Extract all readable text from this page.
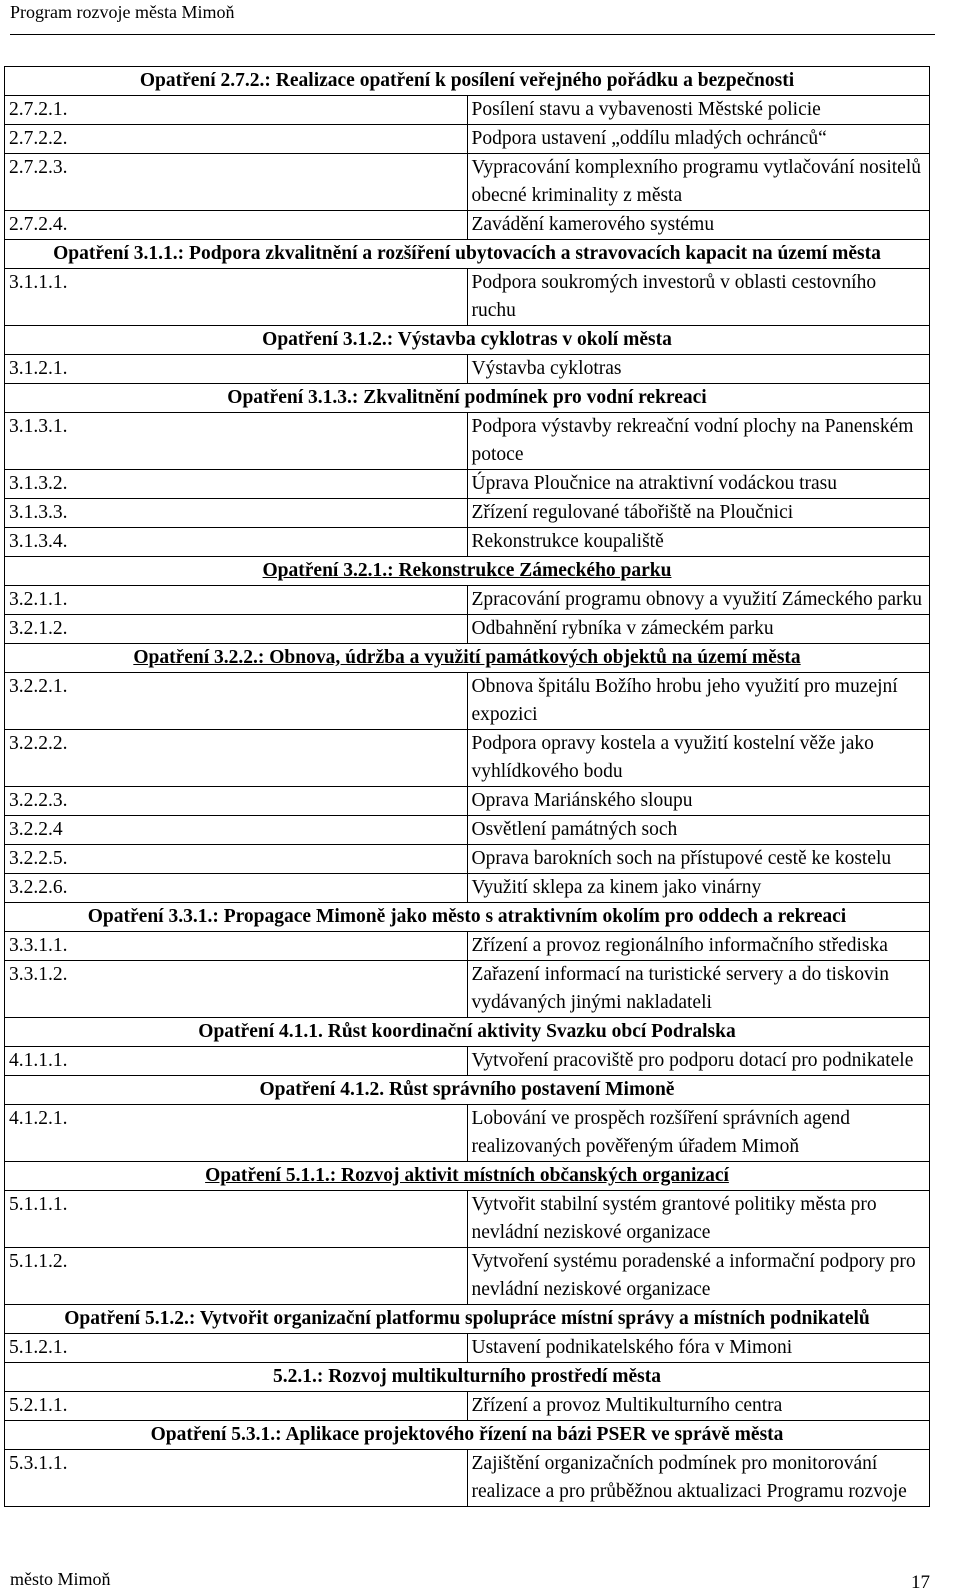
Program rozvoje města Mimoň
Opatření 2.7.2.: Realizace opatření k posílení veřejného pořádku a bezpečnosti	
2.7.2.1.	Posílení stavu a vybavenosti Městské policie
2.7.2.2.	Podpora ustavení „oddílu mladých ochránců“
2.7.2.3.	Vypracování komplexního programu vytlačování nositelů obecné kriminality z města
2.7.2.4.	Zavádění kamerového systému
Opatření 3.1.1.: Podpora zkvalitnění a rozšíření ubytovacích a stravovacích kapacit na území města	
3.1.1.1.	Podpora soukromých investorů v oblasti cestovního ruchu
Opatření 3.1.2.: Výstavba cyklotras v okolí města	
3.1.2.1.	Výstavba cyklotras
Opatření 3.1.3.: Zkvalitnění podmínek pro vodní rekreaci	
3.1.3.1.	Podpora výstavby rekreační vodní plochy na Panenském potoce
3.1.3.2.	Úprava Ploučnice na atraktivní vodáckou trasu
3.1.3.3.	Zřízení regulované tábořiště na Ploučnici
3.1.3.4.	Rekonstrukce koupaliště
Opatření 3.2.1.: Rekonstrukce Zámeckého parku	
3.2.1.1.	Zpracování programu obnovy a využití Zámeckého parku
3.2.1.2.	Odbahnění rybníka v zámeckém parku
Opatření 3.2.2.: Obnova, údržba a využití památkových objektů na území města	
3.2.2.1.	Obnova špitálu Božího hrobu jeho využití pro muzejní expozici
3.2.2.2.	Podpora opravy kostela a využití kostelní věže jako vyhlídkového bodu
3.2.2.3.	Oprava Mariánského sloupu
3.2.2.4	Osvětlení památných soch
3.2.2.5.	Oprava barokních soch na přístupové cestě ke kostelu
3.2.2.6.	Využití sklepa za kinem jako vinárny
Opatření 3.3.1.: Propagace Mimoně jako město s atraktivním okolím pro oddech a rekreaci	
3.3.1.1.	Zřízení a provoz regionálního informačního střediska
3.3.1.2.	Zařazení informací na turistické servery a do tiskovin vydávaných jinými nakladateli
Opatření 4.1.1. Růst koordinační aktivity Svazku obcí Podralska	
4.1.1.1.	Vytvoření pracoviště pro podporu dotací pro podnikatele
Opatření 4.1.2. Růst správního postavení Mimoně	
4.1.2.1.	Lobování ve prospěch rozšíření správních agend realizovaných pověřeným úřadem Mimoň
Opatření 5.1.1.: Rozvoj aktivit místních občanských organizací	
5.1.1.1.	Vytvořit stabilní systém grantové politiky města pro nevládní neziskové organizace
5.1.1.2.	Vytvoření systému poradenské a informační podpory pro nevládní neziskové organizace
Opatření 5.1.2.: Vytvořit organizační platformu spolupráce místní správy a místních podnikatelů	
5.1.2.1.	Ustavení podnikatelského fóra v Mimoni
5.2.1.: Rozvoj multikulturního prostředí města	
5.2.1.1.	Zřízení a provoz Multikulturního centra
Opatření 5.3.1.: Aplikace projektového řízení na bázi PSER ve správě města	
5.3.1.1.	Zajištění organizačních podmínek pro monitorování realizace a pro průběžnou aktualizaci Programu rozvoje
město Mimoň	17
